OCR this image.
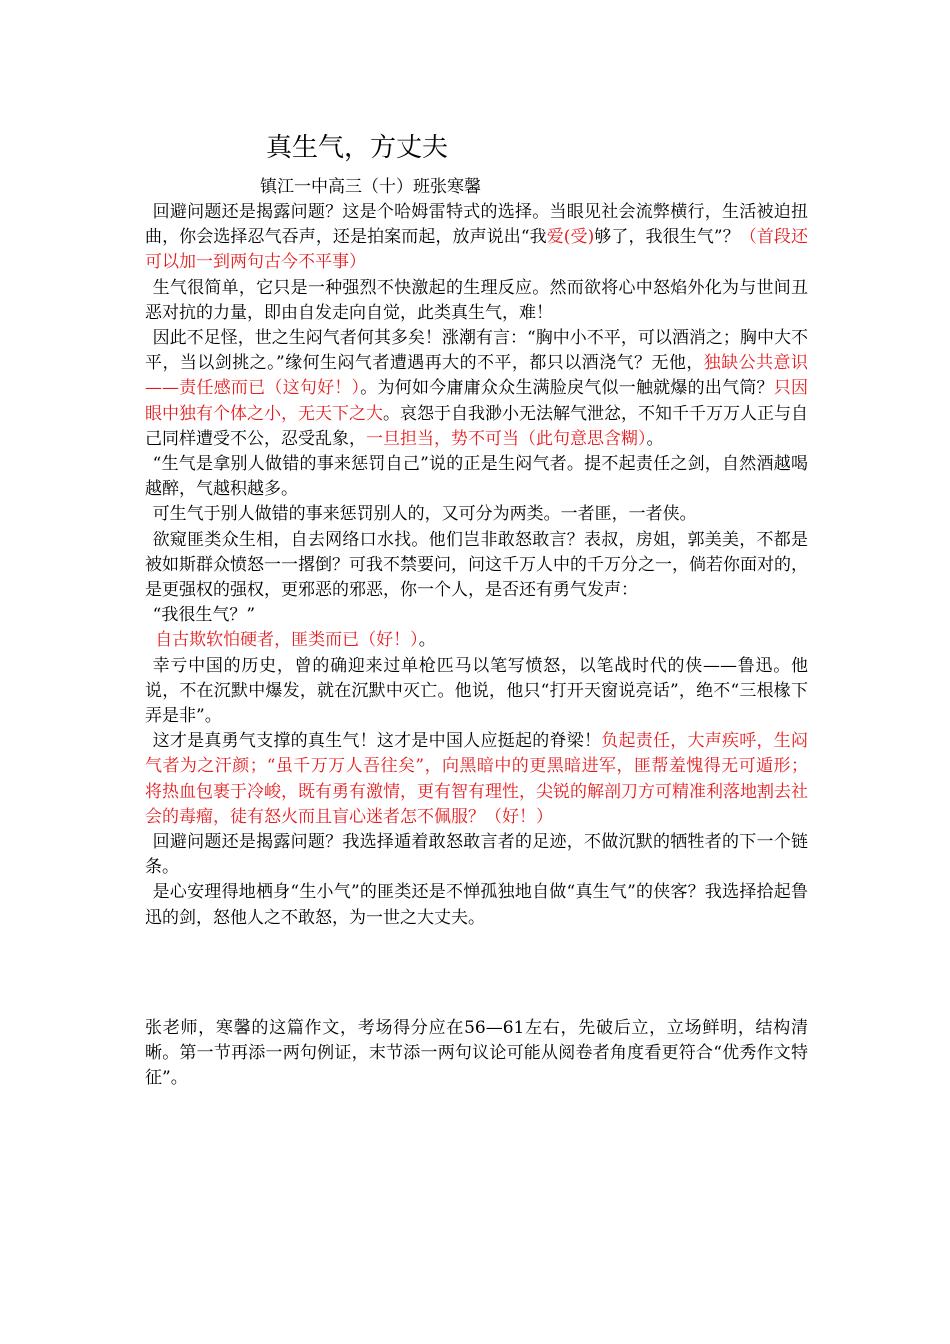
真生气，方丈夫
镇江一中高三（十）班张寒馨

回避问题还是揭露问题？这是个哈姆雷特式的选择。当眼见社会流弊横行，生活被迫扭曲，你会选择忍气吞声，还是拍案而起，放声说出“我爱(受)够了，我很生气”？（首段还可以加一到两句古今不平事）

生气很简单，它只是一种强烈不快激起的生理反应。然而欲将心中怒焰外化为与世间丑恶对抗的力量，即由自发走向自觉，此类真生气，难！

因此不足怪，世之生闷气者何其多矣！涨潮有言：“胸中小不平，可以酒消之；胸中大不平，当以剑挑之。”缘何生闷气者遭遇再大的不平，都只以酒浇气？无他，独缺公共意识——责任感而已（这句好！）。为何如今庸庸众众生满脸戾气似一触就爆的出气筒？只因眼中独有个体之小，无天下之大。哀怨于自我渺小无法解气泄忿，不知千千万万人正与自己同样遭受不公，忍受乱象，一旦担当，势不可当（此句意思含糊）。

“生气是拿别人做错的事来惩罚自己”说的正是生闷气者。提不起责任之剑，自然酒越喝越醉，气越积越多。

可生气于别人做错的事来惩罚别人的，又可分为两类。一者匪，一者侠。

欲窥匪类众生相，自去网络口水找。他们岂非敢怒敢言？表叔，房姐，郭美美，不都是被如斯群众愤怒一一撂倒？可我不禁要问，问这千万人中的千万分之一，倘若你面对的，是更强权的强权，更邪恶的邪恶，你一个人，是否还有勇气发声：

“我很生气？”

自古欺软怕硬者，匪类而已（好！）。

幸亏中国的历史，曾的确迎来过单枪匹马以笔写愤怒，以笔战时代的侠——鲁迅。他说，不在沉默中爆发，就在沉默中灭亡。他说，他只“打开天窗说亮话”，绝不“三根椽下弄是非”。

这才是真勇气支撑的真生气！这才是中国人应挺起的脊梁！负起责任，大声疾呼，生闷气者为之汗颜；“虽千万万人吾往矣”，向黑暗中的更黑暗进军，匪帮羞愧得无可遁形；将热血包裹于冷峻，既有勇有激情，更有智有理性，尖锐的解剖刀方可精准利落地割去社会的毒瘤，徒有怒火而且盲心迷者怎不佩服？（好！）

回避问题还是揭露问题？我选择遁着敢怒敢言者的足迹，不做沉默的牺牲者的下一个链条。

是心安理得地栖身“生小气”的匪类还是不惮孤独地自做“真生气”的侠客？我选择拾起鲁迅的剑，怒他人之不敢怒，为一世之大丈夫。

张老师，寒馨的这篇作文，考场得分应在56—61左右，先破后立，立场鲜明，结构清晰。第一节再添一两句例证，末节添一两句议论可能从阅卷者角度看更符合“优秀作文特征”。
